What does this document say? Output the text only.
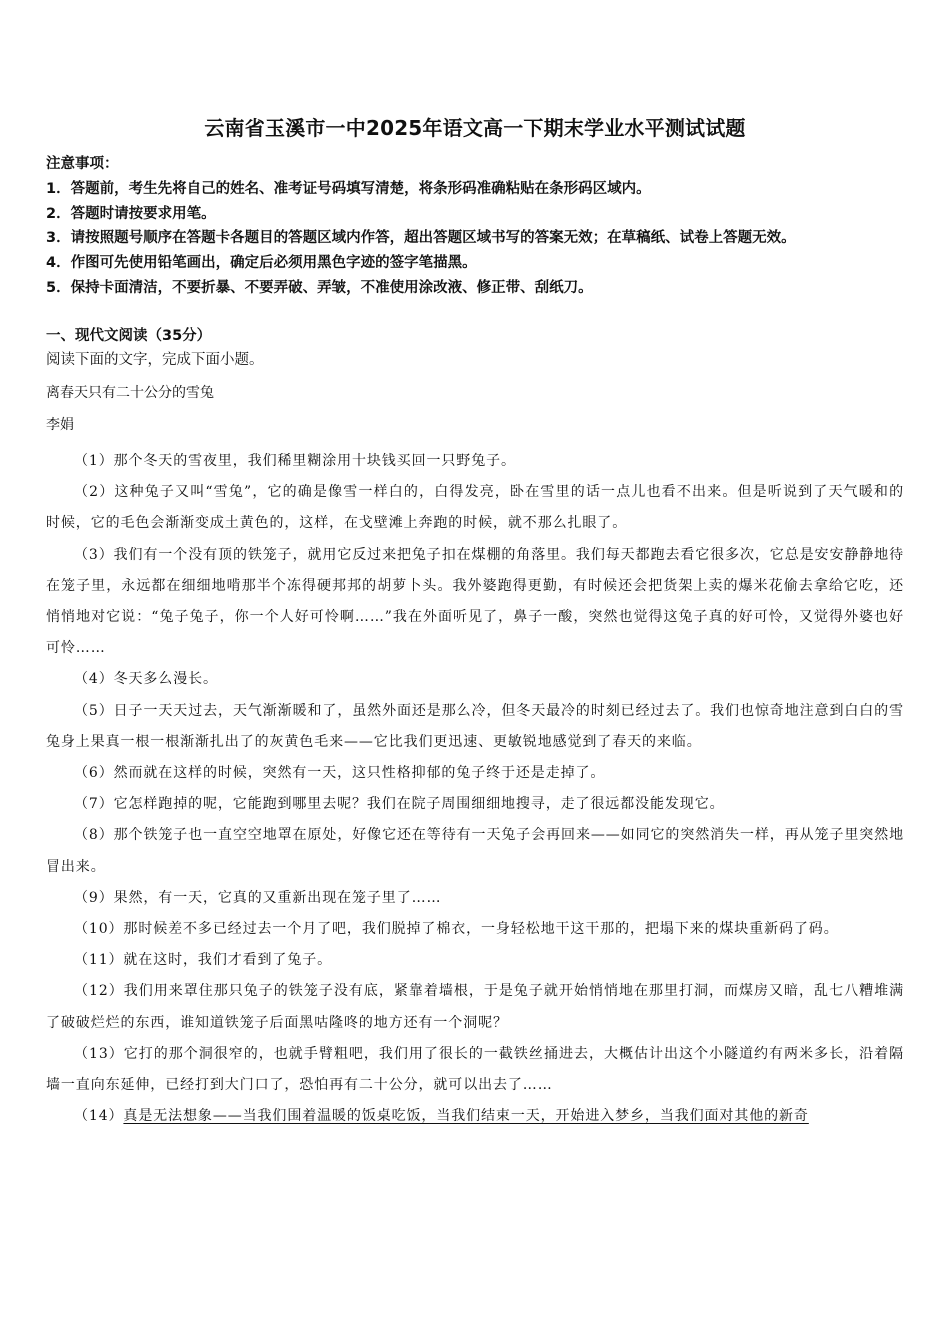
云南省玉溪市一中2025年语文高一下期末学业水平测试试题
注意事项：
1．答题前，考生先将自己的姓名、准考证号码填写清楚，将条形码准确粘贴在条形码区域内。
2．答题时请按要求用笔。
3．请按照题号顺序在答题卡各题目的答题区域内作答，超出答题区域书写的答案无效；在草稿纸、试卷上答题无效。
4．作图可先使用铅笔画出，确定后必须用黑色字迹的签字笔描黑。
5．保持卡面清洁，不要折暴、不要弄破、弄皱，不准使用涂改液、修正带、刮纸刀。
一、现代文阅读（35分）
阅读下面的文字，完成下面小题。
离春天只有二十公分的雪兔
李娟

（1）那个冬天的雪夜里，我们稀里糊涂用十块钱买回一只野兔子。

（2）这种兔子又叫“雪兔”，它的确是像雪一样白的，白得发亮，卧在雪里的话一点儿也看不出来。但是听说到了天气暖和的时候，它的毛色会渐渐变成土黄色的，这样，在戈壁滩上奔跑的时候，就不那么扎眼了。

（3）我们有一个没有顶的铁笼子，就用它反过来把兔子扣在煤棚的角落里。我们每天都跑去看它很多次，它总是安安静静地待在笼子里，永远都在细细地啃那半个冻得硬邦邦的胡萝卜头。我外婆跑得更勤，有时候还会把货架上卖的爆米花偷去拿给它吃，还悄悄地对它说：“兔子兔子，你一个人好可怜啊……”我在外面听见了，鼻子一酸，突然也觉得这兔子真的好可怜，又觉得外婆也好可怜……

（4）冬天多么漫长。

（5）日子一天天过去，天气渐渐暖和了，虽然外面还是那么冷，但冬天最冷的时刻已经过去了。我们也惊奇地注意到白白的雪兔身上果真一根一根渐渐扎出了的灰黄色毛来——它比我们更迅速、更敏锐地感觉到了春天的来临。

（6）然而就在这样的时候，突然有一天，这只性格抑郁的兔子终于还是走掉了。

（7）它怎样跑掉的呢，它能跑到哪里去呢？我们在院子周围细细地搜寻，走了很远都没能发现它。

（8）那个铁笼子也一直空空地罩在原处，好像它还在等待有一天兔子会再回来——如同它的突然消失一样，再从笼子里突然地冒出来。

（9）果然，有一天，它真的又重新出现在笼子里了……

（10）那时候差不多已经过去一个月了吧，我们脱掉了棉衣，一身轻松地干这干那的，把塌下来的煤块重新码了码。

（11）就在这时，我们才看到了兔子。

（12）我们用来罩住那只兔子的铁笼子没有底，紧靠着墙根，于是兔子就开始悄悄地在那里打洞，而煤房又暗，乱七八糟堆满了破破烂烂的东西，谁知道铁笼子后面黑咕隆咚的地方还有一个洞呢？

（13）它打的那个洞很窄的，也就手臂粗吧，我们用了很长的一截铁丝捅进去，大概估计出这个小隧道约有两米多长，沿着隔墙一直向东延伸，已经打到大门口了，恐怕再有二十公分，就可以出去了……

（14）真是无法想象——当我们围着温暖的饭桌吃饭，当我们结束一天，开始进入梦乡，当我们面对其他的新奇
